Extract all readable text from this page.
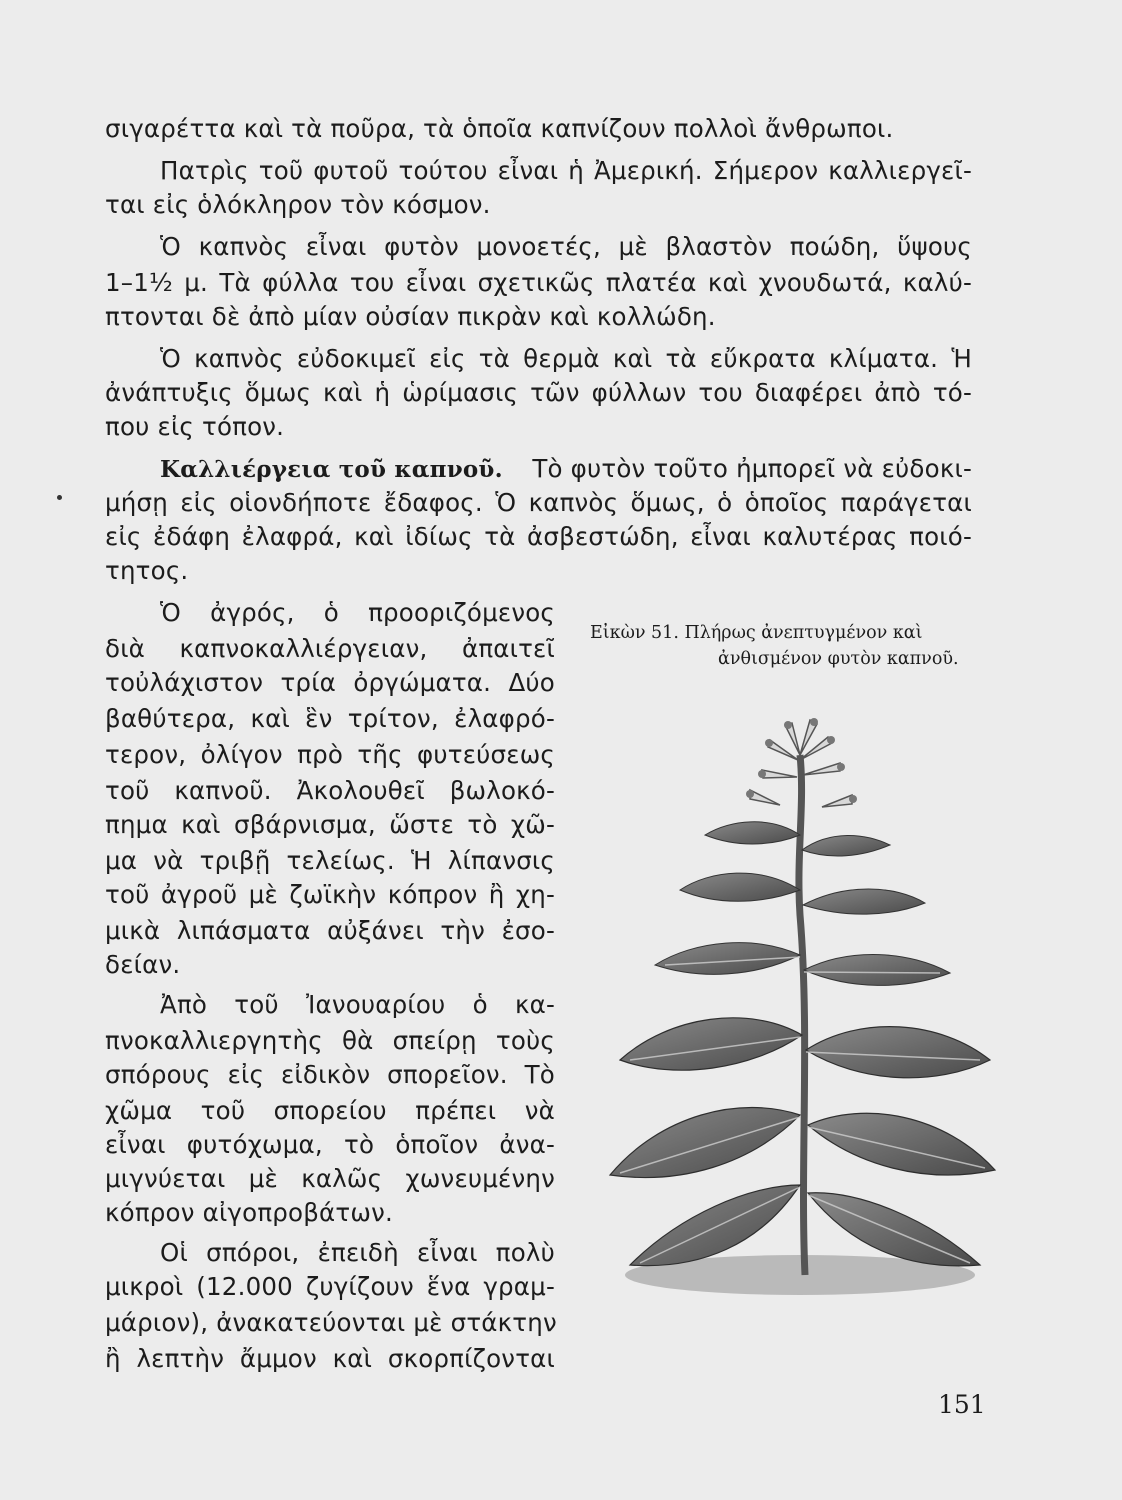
σιγαρέττα καὶ τὰ ποῦρα, τὰ ὁποῖα καπνίζουν πολλοὶ ἄνθρωποι.
Πατρὶς τοῦ φυτοῦ τούτου εἶναι ἡ Ἀμερική. Σήμερον καλλιεργεῖ-
ται εἰς ὁλόκληρον τὸν κόσμον.
Ὁ καπνὸς εἶναι φυτὸν μονοετές, μὲ βλαστὸν ποώδη, ὕψους
1–1½ μ. Τὰ φύλλα του εἶναι σχετικῶς πλατέα καὶ χνουδωτά, καλύ-
πτονται δὲ ἀπὸ μίαν οὐσίαν πικρὰν καὶ κολλώδη.
Ὁ καπνὸς εὐδοκιμεῖ εἰς τὰ θερμὰ καὶ τὰ εὔκρατα κλίματα. Ἡ
ἀνάπτυξις ὅμως καὶ ἡ ὡρίμασις τῶν φύλλων του διαφέρει ἀπὸ τό-
που εἰς τόπον.
Καλλιέργεια τοῦ καπνοῦ.	Τὸ φυτὸν τοῦτο ἠμπορεῖ νὰ εὐδοκι-
μήσῃ εἰς οἱονδήποτε ἔδαφος. Ὁ καπνὸς ὅμως, ὁ ὁποῖος παράγεται
εἰς ἐδάφη ἐλαφρά, καὶ ἰδίως τὰ ἀσβεστώδη, εἶναι καλυτέρας ποιό-
τητος.
Ὁ ἀγρός, ὁ προοριζόμενος
διὰ καπνοκαλλιέργειαν, ἀπαιτεῖ
τοὐλάχιστον τρία ὀργώματα. Δύο
βαθύτερα, καὶ ἓν τρίτον, ἐλαφρό-
τερον, ὀλίγον πρὸ τῆς φυτεύσεως
τοῦ καπνοῦ. Ἀκολουθεῖ βωλοκό-
πημα καὶ σβάρνισμα, ὥστε τὸ χῶ-
μα νὰ τριβῇ τελείως. Ἡ λίπανσις
τοῦ ἀγροῦ μὲ ζωϊκὴν κόπρον ἢ χη-
μικὰ λιπάσματα αὐξάνει τὴν ἐσο-
δείαν.
Ἀπὸ τοῦ Ἰανουαρίου ὁ κα-
πνοκαλλιεργητὴς θὰ σπείρῃ τοὺς
σπόρους εἰς εἰδικὸν σπορεῖον. Τὸ
χῶμα τοῦ σπορείου πρέπει νὰ
εἶναι φυτόχωμα, τὸ ὁποῖον ἀνα-
μιγνύεται μὲ καλῶς χωνευμένην
κόπρον αἰγοπροβάτων.
Οἱ σπόροι, ἐπειδὴ εἶναι πολὺ
μικροὶ (12.000 ζυγίζουν ἕνα γραμ-
μάριον), ἀνακατεύονται μὲ στάκτην
ἢ λεπτὴν ἄμμον καὶ σκορπίζονται
Εἰκὼν 51. Πλήρως ἀνεπτυγμένον καὶ
ἀνθισμένον φυτὸν καπνοῦ.
151
